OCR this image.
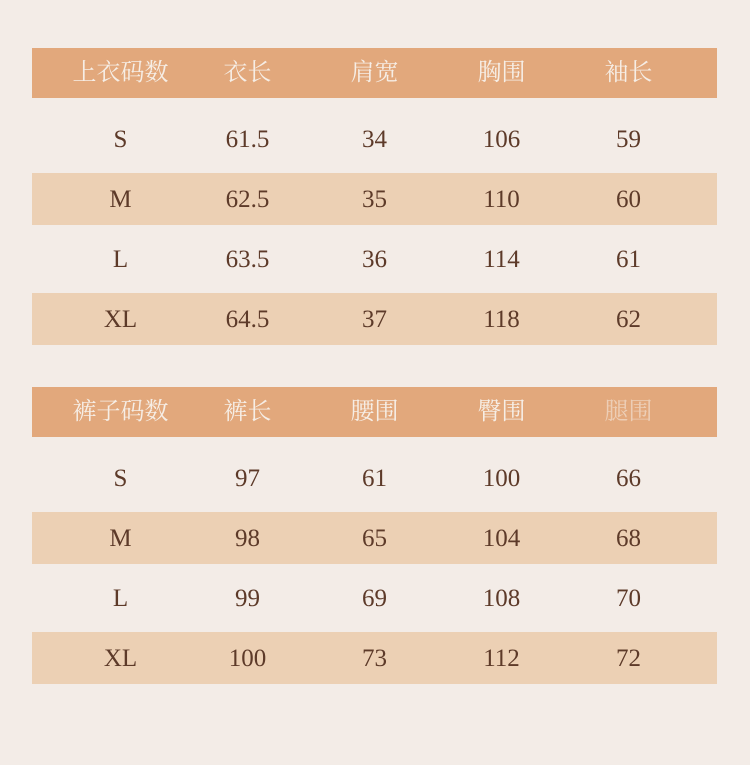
上衣码数	衣长	肩宽	胸围	袖长
S	61.5	34	106	59
M	62.5	35	110	60
L	63.5	36	114	61
XL	64.5	37	118	62
裤子码数	裤长	腰围	臀围	腿围
S	97	61	100	66
M	98	65	104	68
L	99	69	108	70
XL	100	73	112	72
